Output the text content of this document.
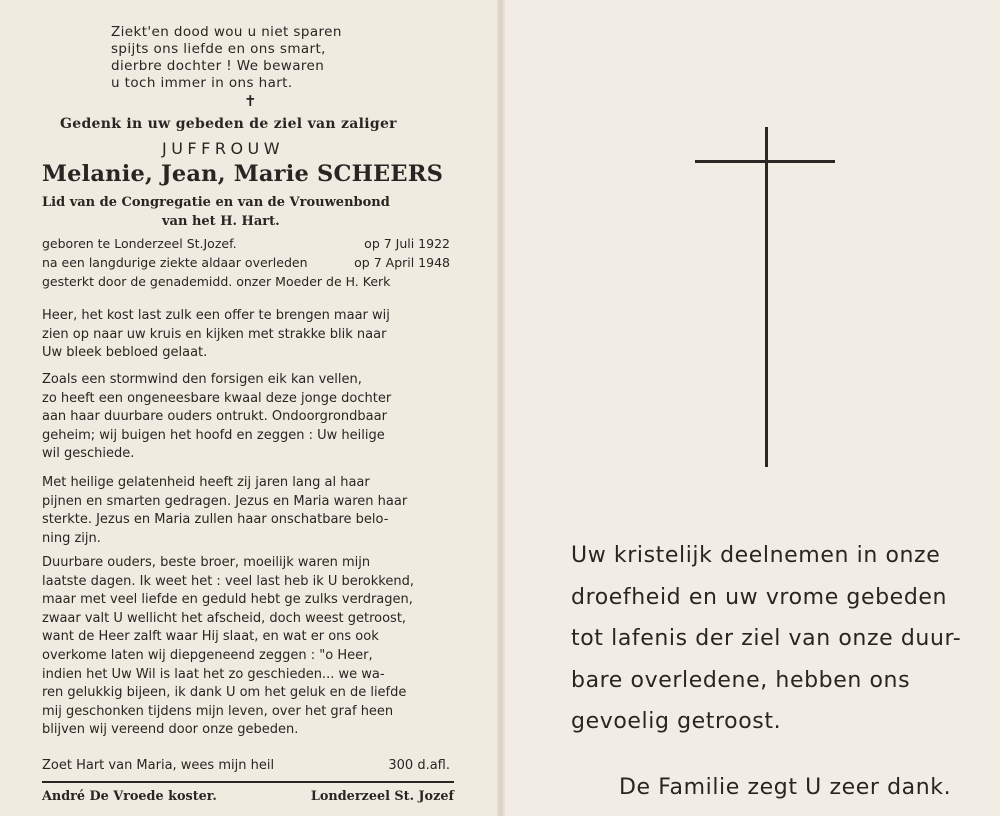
Ziekt'en dood wou u niet sparen
spijts ons liefde en ons smart,
dierbre dochter ! We bewaren
u toch immer in ons hart.
✝
Gedenk in uw gebeden de ziel van zaliger
JUFFROUW
Melanie, Jean, Marie SCHEERS
Lid van de Congregatie en van de Vrouwenbond
van het H. Hart.
geboren te Londerzeel St.Jozef.	op 7 Juli 1922
na een langdurige ziekte aldaar overleden	op 7 April 1948
gesterkt door de genademidd. onzer Moeder de H. Kerk
Heer, het kost last zulk een offer te brengen maar wij
zien op naar uw kruis en kijken met strakke blik naar
Uw bleek bebloed gelaat.
Zoals een stormwind den forsigen eik kan vellen,
zo heeft een ongeneesbare kwaal deze jonge dochter
aan haar duurbare ouders ontrukt. Ondoorgrondbaar
geheim; wij buigen het hoofd en zeggen : Uw heilige
wil geschiede.
Met heilige gelatenheid heeft zij jaren lang al haar
pijnen en smarten gedragen. Jezus en Maria waren haar
sterkte. Jezus en Maria zullen haar onschatbare belo-
ning zijn.
Duurbare ouders, beste broer, moeilijk waren mijn
laatste dagen. Ik weet het : veel last heb ik U berokkend,
maar met veel liefde en geduld hebt ge zulks verdragen,
zwaar valt U wellicht het afscheid, doch weest getroost,
want de Heer zalft waar Hij slaat, en wat er ons ook
overkome laten wij diepgeneend zeggen : "o Heer,
indien het Uw Wil is laat het zo geschieden... we wa-
ren gelukkig bijeen, ik dank U om het geluk en de liefde
mij geschonken tijdens mijn leven, over het graf heen
blijven wij vereend door onze gebeden.
Zoet Hart van Maria, wees mijn heil	300 d.afl.
André De Vroede koster.	Londerzeel St. Jozef
Uw kristelijk deelnemen in onze
droefheid en uw vrome gebeden
tot lafenis der ziel van onze duur-
bare overledene, hebben ons
gevoelig getroost.
De Familie zegt U zeer dank.
